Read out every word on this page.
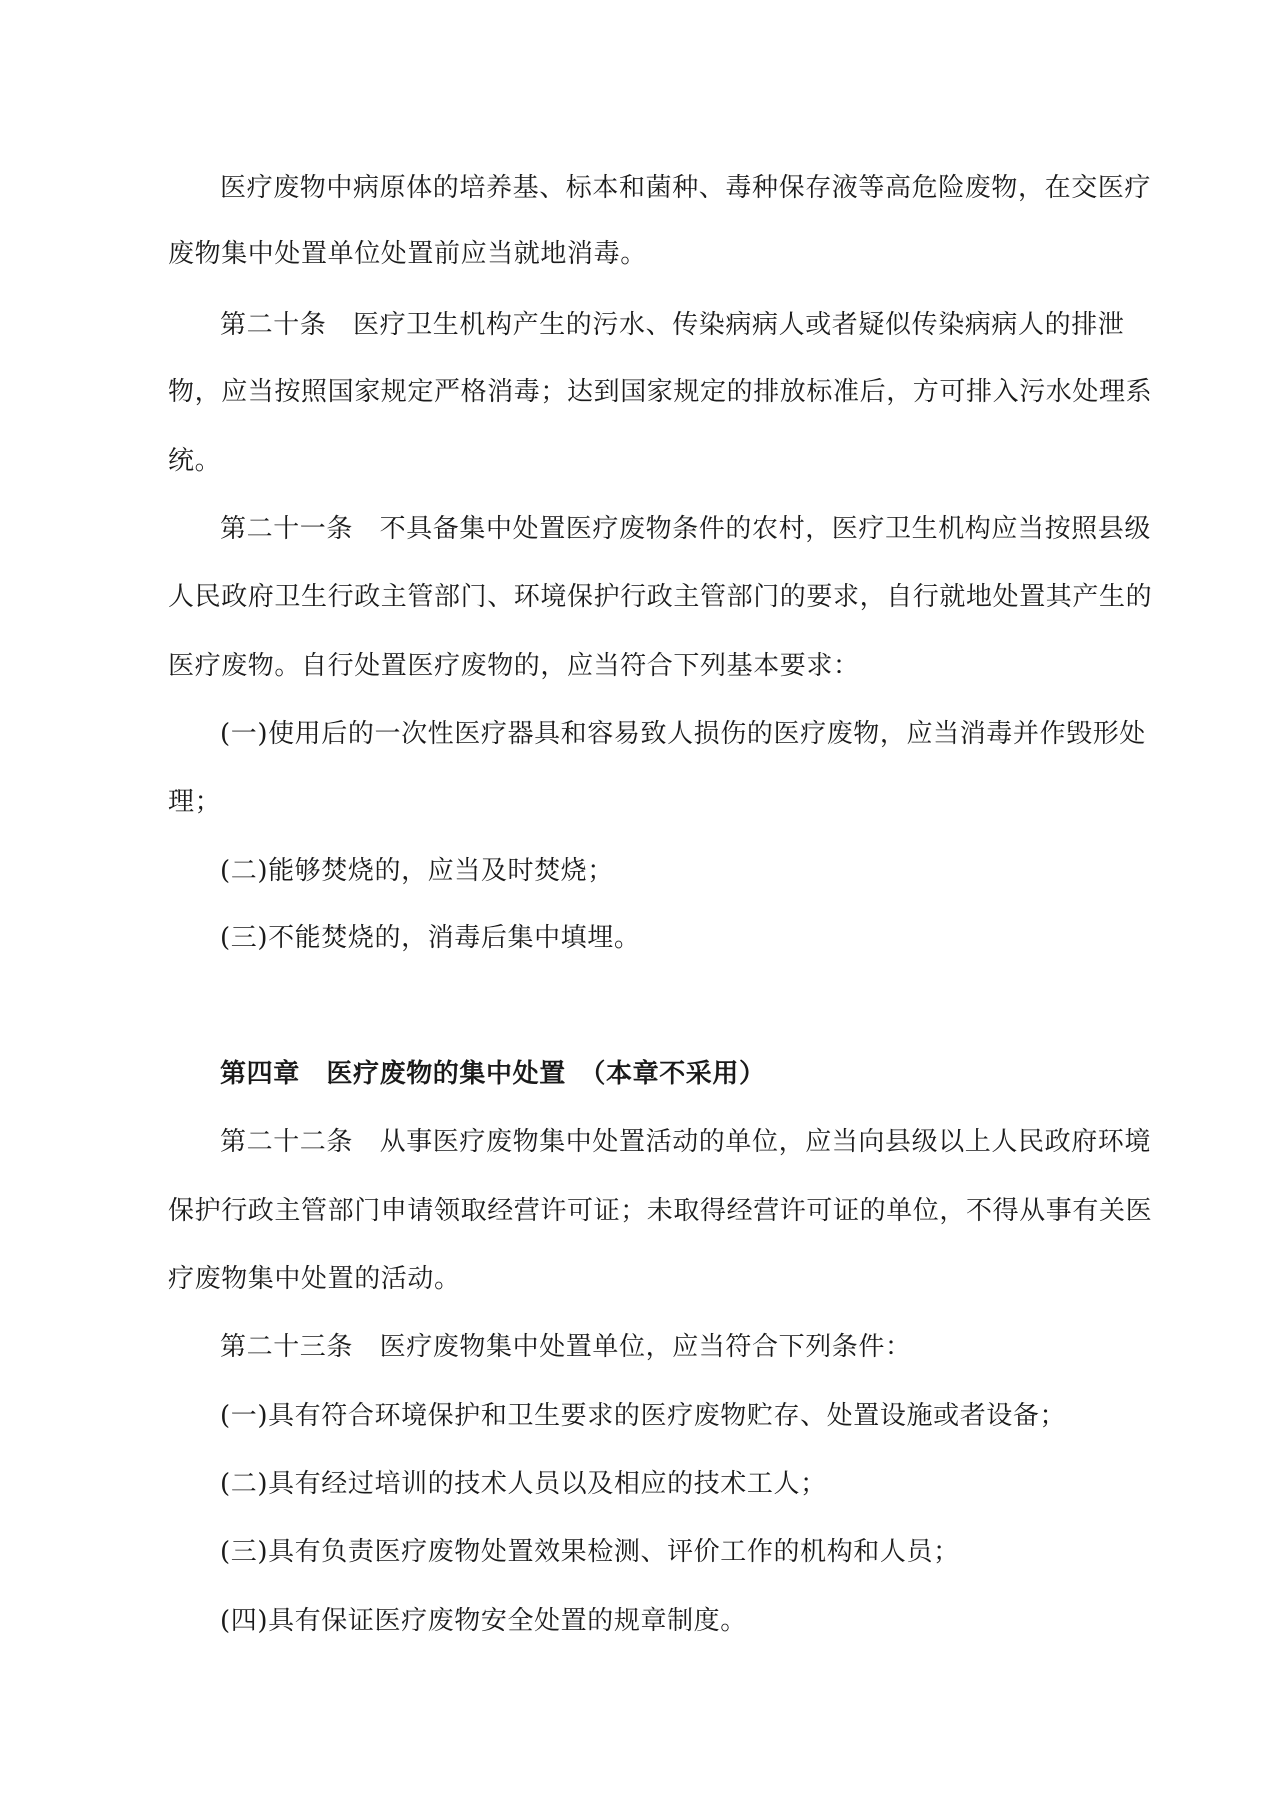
医疗废物中病原体的培养基、标本和菌种、毒种保存液等高危险废物，在交医疗
废物集中处置单位处置前应当就地消毒。
第二十条　医疗卫生机构产生的污水、传染病病人或者疑似传染病病人的排泄
物，应当按照国家规定严格消毒；达到国家规定的排放标准后，方可排入污水处理系
统。
第二十一条　不具备集中处置医疗废物条件的农村，医疗卫生机构应当按照县级
人民政府卫生行政主管部门、环境保护行政主管部门的要求，自行就地处置其产生的
医疗废物。自行处置医疗废物的，应当符合下列基本要求：
(一)使用后的一次性医疗器具和容易致人损伤的医疗废物，应当消毒并作毁形处
理；
(二)能够焚烧的，应当及时焚烧；
(三)不能焚烧的，消毒后集中填埋。
第四章　医疗废物的集中处置　（本章不采用）
第二十二条　从事医疗废物集中处置活动的单位，应当向县级以上人民政府环境
保护行政主管部门申请领取经营许可证；未取得经营许可证的单位，不得从事有关医
疗废物集中处置的活动。
第二十三条　医疗废物集中处置单位，应当符合下列条件：
(一)具有符合环境保护和卫生要求的医疗废物贮存、处置设施或者设备；
(二)具有经过培训的技术人员以及相应的技术工人；
(三)具有负责医疗废物处置效果检测、评价工作的机构和人员；
(四)具有保证医疗废物安全处置的规章制度。
